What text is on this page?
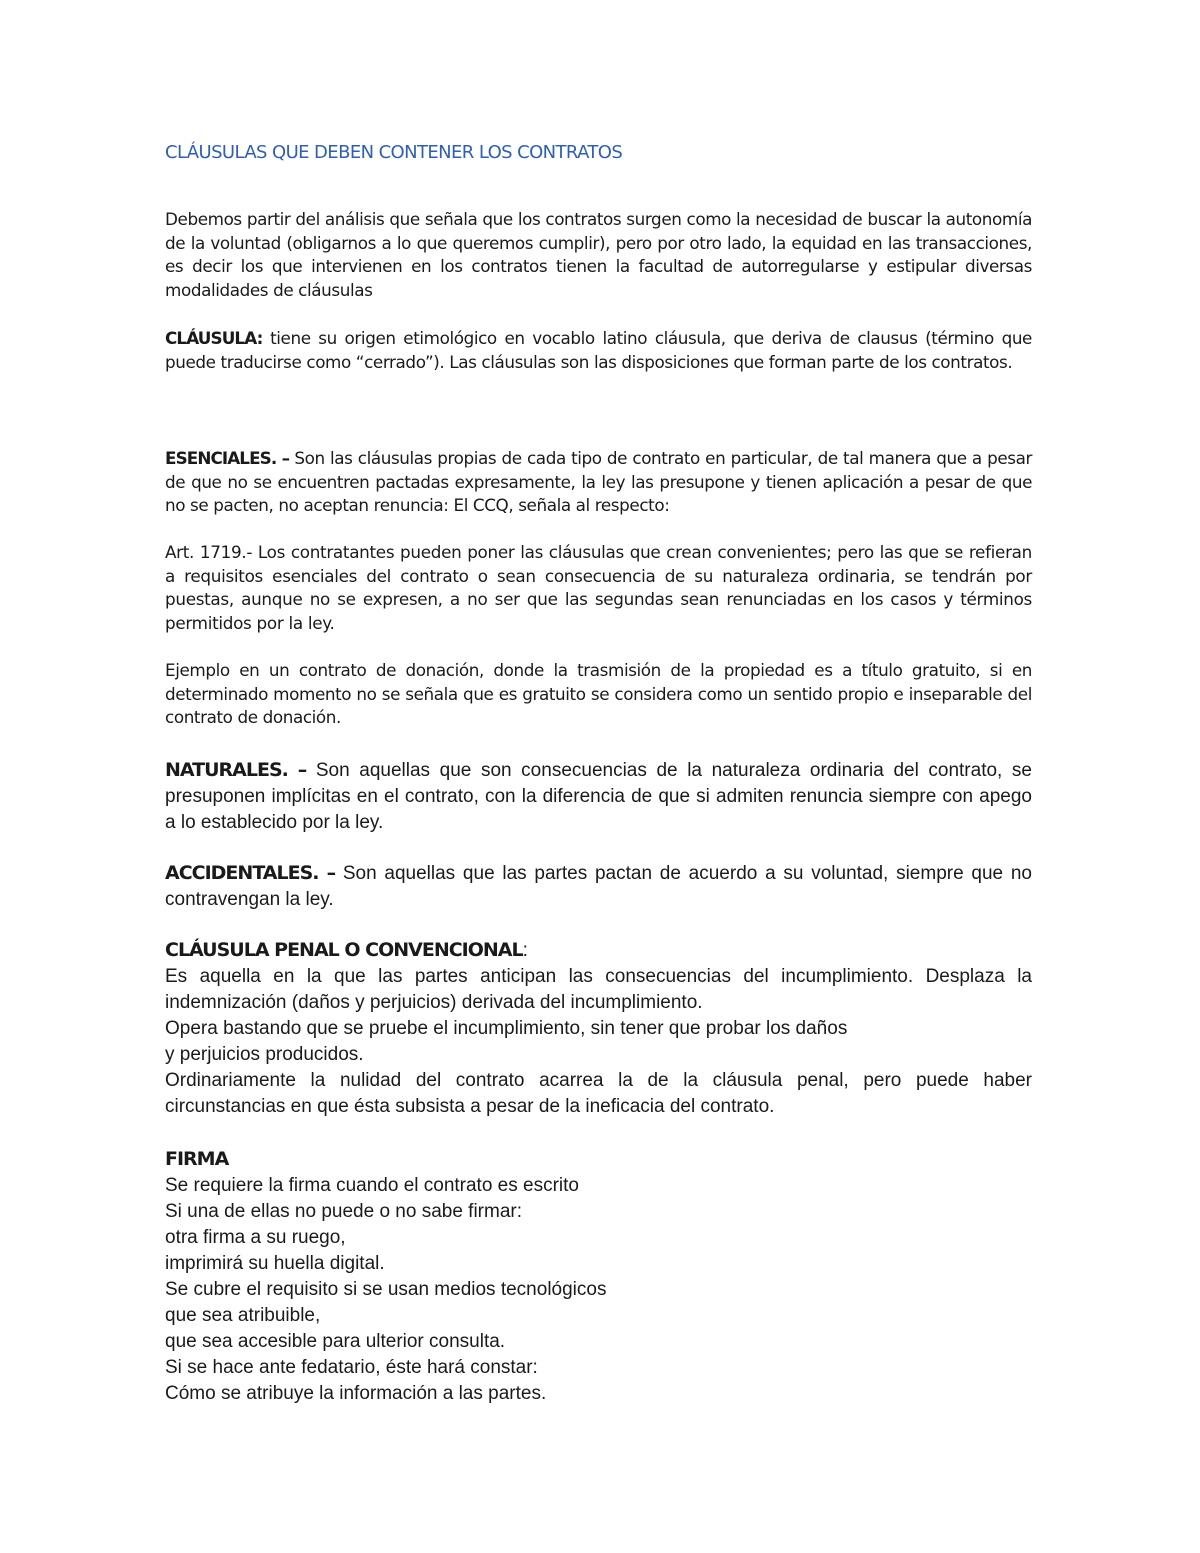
CLÁUSULAS QUE DEBEN CONTENER LOS CONTRATOS

Debemos partir del análisis que señala que los contratos surgen como la necesidad de buscar la autonomía de la voluntad (obligarnos a lo que queremos cumplir), pero por otro lado, la equidad en las transacciones, es decir los que intervienen en los contratos tienen la facultad de autorregularse y estipular diversas modalidades de cláusulas

CLÁUSULA: tiene su origen etimológico en vocablo latino cláusula, que deriva de clausus (término que puede traducirse como “cerrado”). Las cláusulas son las disposiciones que forman parte de los contratos.

ESENCIALES. – Son las cláusulas propias de cada tipo de contrato en particular, de tal manera que a pesar de que no se encuentren pactadas expresamente, la ley las presupone y tienen aplicación a pesar de que no se pacten, no aceptan renuncia: El CCQ, señala al respecto:

Art. 1719.- Los contratantes pueden poner las cláusulas que crean convenientes; pero las que se refieran a requisitos esenciales del contrato o sean consecuencia de su naturaleza ordinaria, se tendrán por puestas, aunque no se expresen, a no ser que las segundas sean renunciadas en los casos y términos permitidos por la ley.

Ejemplo en un contrato de donación, donde la trasmisión de la propiedad es a título gratuito, si en determinado momento no se señala que es gratuito se considera como un sentido propio e inseparable del contrato de donación.

NATURALES. – Son aquellas que son consecuencias de la naturaleza ordinaria del contrato, se presuponen implícitas en el contrato, con la diferencia de que si admiten renuncia siempre con apego a lo establecido por la ley.

ACCIDENTALES. – Son aquellas que las partes pactan de acuerdo a su voluntad, siempre que no contravengan la ley.

CLÁUSULA PENAL O CONVENCIONAL:

Es aquella en la que las partes anticipan las consecuencias del incumplimiento. Desplaza la indemnización (daños y perjuicios) derivada del incumplimiento.

Opera bastando que se pruebe el incumplimiento, sin tener que probar los daños
y perjuicios producidos.

Ordinariamente la nulidad del contrato acarrea la de la cláusula penal, pero puede haber circunstancias en que ésta subsista a pesar de la ineficacia del contrato.

FIRMA
Se requiere la firma cuando el contrato es escrito
Si una de ellas no puede o no sabe firmar:
otra firma a su ruego,
imprimirá su huella digital.
Se cubre el requisito si se usan medios tecnológicos
que sea atribuible,
que sea accesible para ulterior consulta.
Si se hace ante fedatario, éste hará constar:
Cómo se atribuye la información a las partes.
